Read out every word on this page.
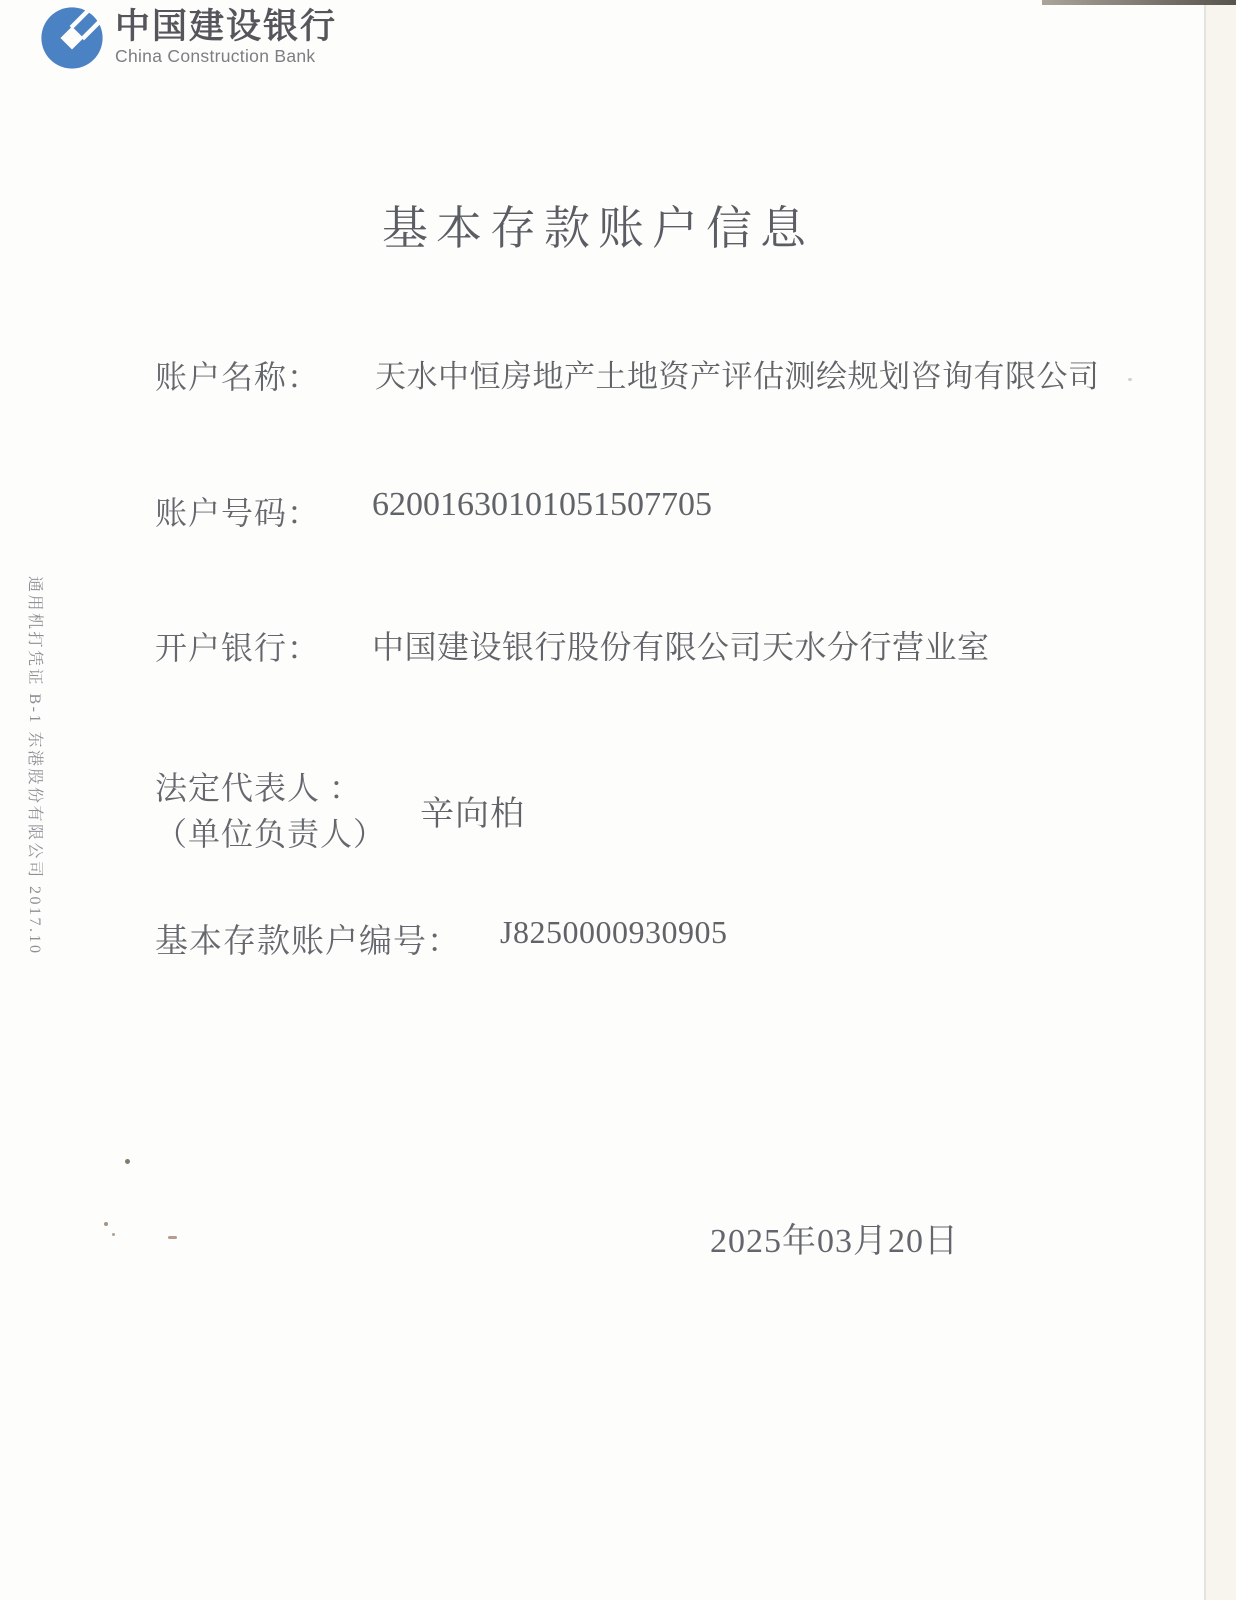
中国建设银行
China Construction Bank
基本存款账户信息
账户名称： 天水中恒房地产土地资产评估测绘规划咨询有限公司
账户号码： 62001630101051507705
开户银行： 中国建设银行股份有限公司天水分行营业室
法定代表人 ：
（单位负责人）
辛向柏
基本存款账户编号： J8250000930905
2025年03月20日
通用机打凭证 B-1 东港股份有限公司 2017.10
